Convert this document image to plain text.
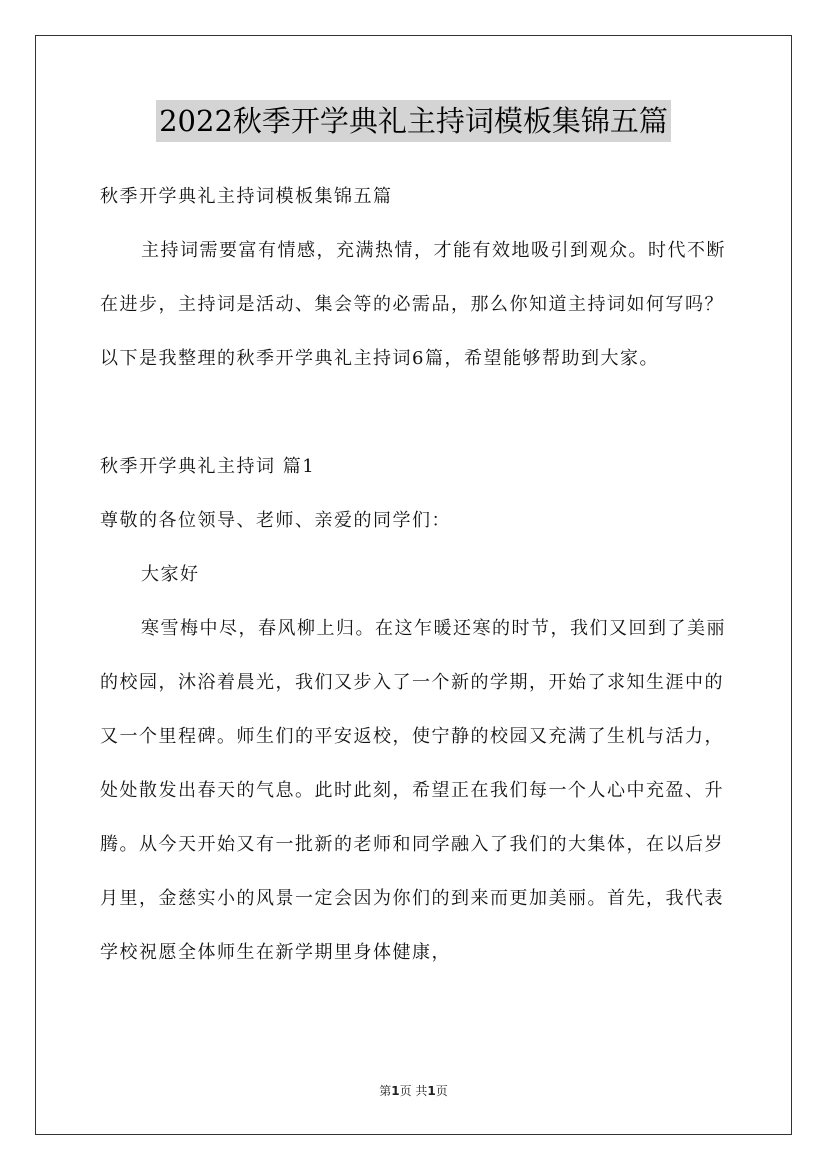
2022秋季开学典礼主持词模板集锦五篇

秋季开学典礼主持词模板集锦五篇

主持词需要富有情感，充满热情，才能有效地吸引到观众。时代不断在进步，主持词是活动、集会等的必需品，那么你知道主持词如何写吗？以下是我整理的秋季开学典礼主持词6篇，希望能够帮助到大家。

秋季开学典礼主持词 篇1

尊敬的各位领导、老师、亲爱的同学们：

大家好

寒雪梅中尽，春风柳上归。在这乍暖还寒的时节，我们又回到了美丽的校园，沐浴着晨光，我们又步入了一个新的学期，开始了求知生涯中的又一个里程碑。师生们的平安返校，使宁静的校园又充满了生机与活力，处处散发出春天的气息。此时此刻，希望正在我们每一个人心中充盈、升腾。从今天开始又有一批新的老师和同学融入了我们的大集体，在以后岁月里，金慈实小的风景一定会因为你们的到来而更加美丽。首先，我代表学校祝愿全体师生在新学期里身体健康，

第1页 共1页
